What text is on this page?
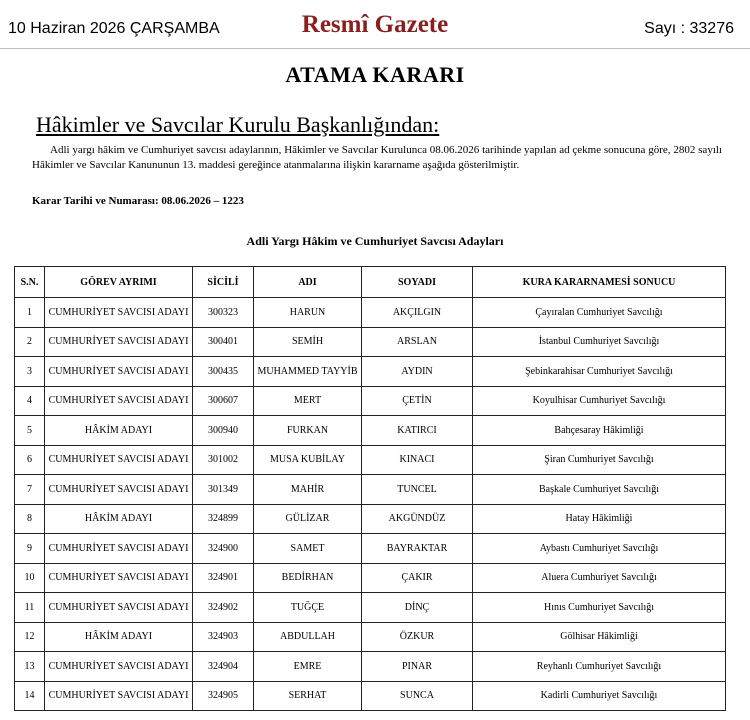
10 Haziran 2026 ÇARŞAMBA	Resmî Gazete	Sayı : 33276
ATAMA KARARI
Hâkimler ve Savcılar Kurulu Başkanlığından:
Adli yargı hâkim ve Cumhuriyet savcısı adaylarının, Hâkimler ve Savcılar Kurulunca 08.06.2026 tarihinde yapılan ad çekme sonucuna göre, 2802 sayılı Hâkimler ve Savcılar Kanununun 13. maddesi gereğince atanmalarına ilişkin kararname aşağıda gösterilmiştir.
Karar Tarihi ve Numarası: 08.06.2026 – 1223
Adli Yargı Hâkim ve Cumhuriyet Savcısı Adayları
S.N.	GÖREV AYRIMI	SİCİLİ	ADI	SOYADI	KURA KARARNAMESİ SONUCU
1	CUMHURİYET SAVCISI ADAYI	300323	HARUN	AKÇILGIN	Çayıralan Cumhuriyet Savcılığı
2	CUMHURİYET SAVCISI ADAYI	300401	SEMİH	ARSLAN	İstanbul Cumhuriyet Savcılığı
3	CUMHURİYET SAVCISI ADAYI	300435	MUHAMMED TAYYİB	AYDIN	Şebinkarahisar Cumhuriyet Savcılığı
4	CUMHURİYET SAVCISI ADAYI	300607	MERT	ÇETİN	Koyulhisar Cumhuriyet Savcılığı
5	HÂKİM ADAYI	300940	FURKAN	KATIRCI	Bahçesaray Hâkimliği
6	CUMHURİYET SAVCISI ADAYI	301002	MUSA KUBİLAY	KINACI	Şiran Cumhuriyet Savcılığı
7	CUMHURİYET SAVCISI ADAYI	301349	MAHİR	TUNCEL	Başkale Cumhuriyet Savcılığı
8	HÂKİM ADAYI	324899	GÜLİZAR	AKGÜNDÜZ	Hatay Hâkimliği
9	CUMHURİYET SAVCISI ADAYI	324900	SAMET	BAYRAKTAR	Aybastı Cumhuriyet Savcılığı
10	CUMHURİYET SAVCISI ADAYI	324901	BEDİRHAN	ÇAKIR	Aluera Cumhuriyet Savcılığı
11	CUMHURİYET SAVCISI ADAYI	324902	TUĞÇE	DİNÇ	Hınıs Cumhuriyet Savcılığı
12	HÂKİM ADAYI	324903	ABDULLAH	ÖZKUR	Gölhisar Hâkimliği
13	CUMHURİYET SAVCISI ADAYI	324904	EMRE	PINAR	Reyhanlı Cumhuriyet Savcılığı
14	CUMHURİYET SAVCISI ADAYI	324905	SERHAT	SUNCA	Kadirli Cumhuriyet Savcılığı
